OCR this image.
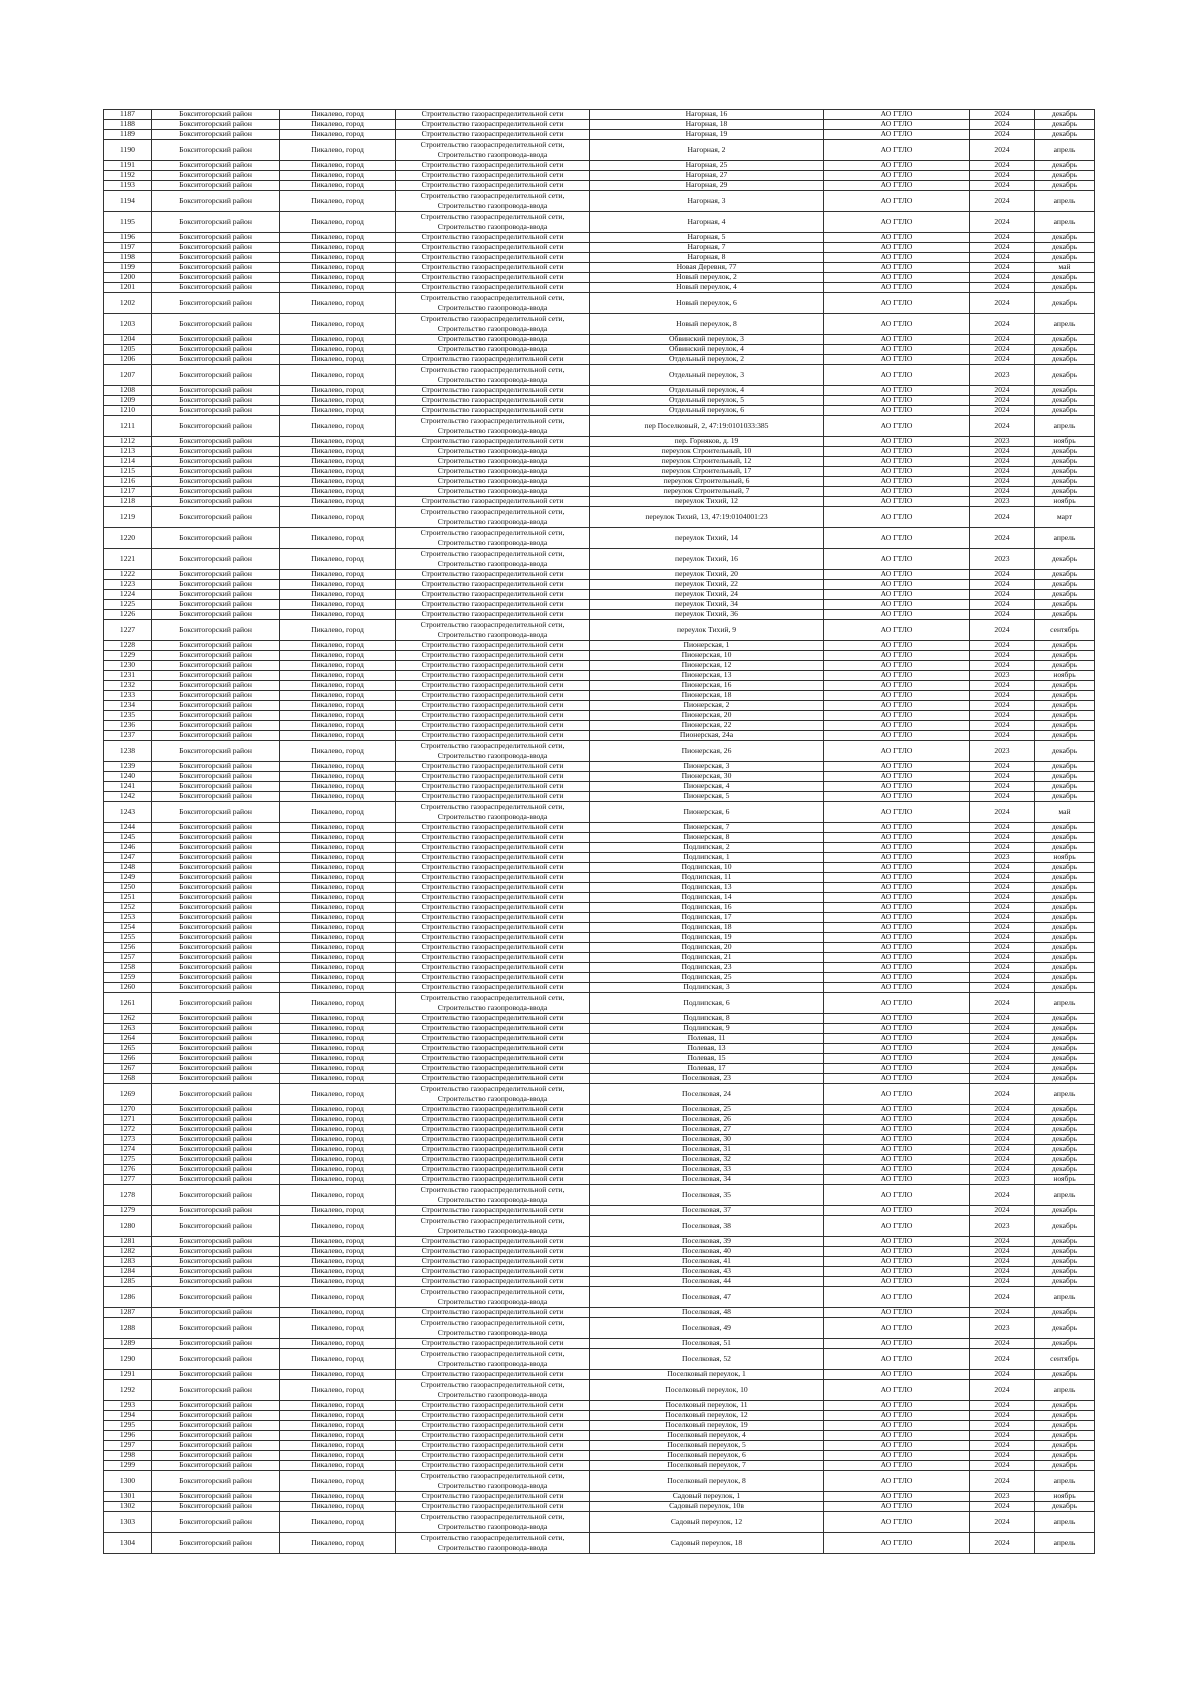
1187	Бокситогорский район	Пикалево, город	Строительство газораспределительной сети	Нагорная, 16	АО ГТЛО	2024	декабрь
1188	Бокситогорский район	Пикалево, город	Строительство газораспределительной сети	Нагорная, 18	АО ГТЛО	2024	декабрь
1189	Бокситогорский район	Пикалево, город	Строительство газораспределительной сети	Нагорная, 19	АО ГТЛО	2024	декабрь
1190	Бокситогорский район	Пикалево, город	Строительство газораспределительной сети, Строительство газопровода-ввода	Нагорная, 2	АО ГТЛО	2024	апрель
1191	Бокситогорский район	Пикалево, город	Строительство газораспределительной сети	Нагорная, 25	АО ГТЛО	2024	декабрь
1192	Бокситогорский район	Пикалево, город	Строительство газораспределительной сети	Нагорная, 27	АО ГТЛО	2024	декабрь
1193	Бокситогорский район	Пикалево, город	Строительство газораспределительной сети	Нагорная, 29	АО ГТЛО	2024	декабрь
1194	Бокситогорский район	Пикалево, город	Строительство газораспределительной сети, Строительство газопровода-ввода	Нагорная, 3	АО ГТЛО	2024	апрель
1195	Бокситогорский район	Пикалево, город	Строительство газораспределительной сети, Строительство газопровода-ввода	Нагорная, 4	АО ГТЛО	2024	апрель
1196	Бокситогорский район	Пикалево, город	Строительство газораспределительной сети	Нагорная, 5	АО ГТЛО	2024	декабрь
1197	Бокситогорский район	Пикалево, город	Строительство газораспределительной сети	Нагорная, 7	АО ГТЛО	2024	декабрь
1198	Бокситогорский район	Пикалево, город	Строительство газораспределительной сети	Нагорная, 8	АО ГТЛО	2024	декабрь
1199	Бокситогорский район	Пикалево, город	Строительство газораспределительной сети	Новая Деревня, 77	АО ГТЛО	2024	май
1200	Бокситогорский район	Пикалево, город	Строительство газораспределительной сети	Новый переулок, 2	АО ГТЛО	2024	декабрь
1201	Бокситогорский район	Пикалево, город	Строительство газораспределительной сети	Новый переулок, 4	АО ГТЛО	2024	декабрь
1202	Бокситогорский район	Пикалево, город	Строительство газораспределительной сети, Строительство газопровода-ввода	Новый переулок, 6	АО ГТЛО	2024	декабрь
1203	Бокситогорский район	Пикалево, город	Строительство газораспределительной сети, Строительство газопровода-ввода	Новый переулок, 8	АО ГТЛО	2024	апрель
1204	Бокситогорский район	Пикалево, город	Строительство газопровода-ввода	Обвинский переулок, 3	АО ГТЛО	2024	декабрь
1205	Бокситогорский район	Пикалево, город	Строительство газопровода-ввода	Обвинский переулок, 4	АО ГТЛО	2024	декабрь
1206	Бокситогорский район	Пикалево, город	Строительство газораспределительной сети	Отдельный переулок, 2	АО ГТЛО	2024	декабрь
1207	Бокситогорский район	Пикалево, город	Строительство газораспределительной сети, Строительство газопровода-ввода	Отдельный переулок, 3	АО ГТЛО	2023	декабрь
1208	Бокситогорский район	Пикалево, город	Строительство газораспределительной сети	Отдельный переулок, 4	АО ГТЛО	2024	декабрь
1209	Бокситогорский район	Пикалево, город	Строительство газораспределительной сети	Отдельный переулок, 5	АО ГТЛО	2024	декабрь
1210	Бокситогорский район	Пикалево, город	Строительство газораспределительной сети	Отдельный переулок, 6	АО ГТЛО	2024	декабрь
1211	Бокситогорский район	Пикалево, город	Строительство газораспределительной сети, Строительство газопровода-ввода	пер Поселковый, 2, 47:19:0101033:385	АО ГТЛО	2024	апрель
1212	Бокситогорский район	Пикалево, город	Строительство газораспределительной сети	пер. Горняков, д. 19	АО ГТЛО	2023	ноябрь
1213	Бокситогорский район	Пикалево, город	Строительство газопровода-ввода	переулок Строительный, 10	АО ГТЛО	2024	декабрь
1214	Бокситогорский район	Пикалево, город	Строительство газопровода-ввода	переулок Строительный, 12	АО ГТЛО	2024	декабрь
1215	Бокситогорский район	Пикалево, город	Строительство газопровода-ввода	переулок Строительный, 17	АО ГТЛО	2024	декабрь
1216	Бокситогорский район	Пикалево, город	Строительство газопровода-ввода	переулок Строительный, 6	АО ГТЛО	2024	декабрь
1217	Бокситогорский район	Пикалево, город	Строительство газопровода-ввода	переулок Строительный, 7	АО ГТЛО	2024	декабрь
1218	Бокситогорский район	Пикалево, город	Строительство газораспределительной сети	переулок Тихий, 12	АО ГТЛО	2023	ноябрь
1219	Бокситогорский район	Пикалево, город	Строительство газораспределительной сети, Строительство газопровода-ввода	переулок Тихий, 13, 47:19:0104001:23	АО ГТЛО	2024	март
1220	Бокситогорский район	Пикалево, город	Строительство газораспределительной сети, Строительство газопровода-ввода	переулок Тихий, 14	АО ГТЛО	2024	апрель
1221	Бокситогорский район	Пикалево, город	Строительство газораспределительной сети, Строительство газопровода-ввода	переулок Тихий, 16	АО ГТЛО	2023	декабрь
1222	Бокситогорский район	Пикалево, город	Строительство газораспределительной сети	переулок Тихий, 20	АО ГТЛО	2024	декабрь
1223	Бокситогорский район	Пикалево, город	Строительство газораспределительной сети	переулок Тихий, 22	АО ГТЛО	2024	декабрь
1224	Бокситогорский район	Пикалево, город	Строительство газораспределительной сети	переулок Тихий, 24	АО ГТЛО	2024	декабрь
1225	Бокситогорский район	Пикалево, город	Строительство газораспределительной сети	переулок Тихий, 34	АО ГТЛО	2024	декабрь
1226	Бокситогорский район	Пикалево, город	Строительство газораспределительной сети	переулок Тихий, 36	АО ГТЛО	2024	декабрь
1227	Бокситогорский район	Пикалево, город	Строительство газораспределительной сети, Строительство газопровода-ввода	переулок Тихий, 9	АО ГТЛО	2024	сентябрь
1228	Бокситогорский район	Пикалево, город	Строительство газораспределительной сети	Пионерская, 1	АО ГТЛО	2024	декабрь
1229	Бокситогорский район	Пикалево, город	Строительство газораспределительной сети	Пионерская, 10	АО ГТЛО	2024	декабрь
1230	Бокситогорский район	Пикалево, город	Строительство газораспределительной сети	Пионерская, 12	АО ГТЛО	2024	декабрь
1231	Бокситогорский район	Пикалево, город	Строительство газораспределительной сети	Пионерская, 13	АО ГТЛО	2023	ноябрь
1232	Бокситогорский район	Пикалево, город	Строительство газораспределительной сети	Пионерская, 16	АО ГТЛО	2024	декабрь
1233	Бокситогорский район	Пикалево, город	Строительство газораспределительной сети	Пионерская, 18	АО ГТЛО	2024	декабрь
1234	Бокситогорский район	Пикалево, город	Строительство газораспределительной сети	Пионерская, 2	АО ГТЛО	2024	декабрь
1235	Бокситогорский район	Пикалево, город	Строительство газораспределительной сети	Пионерская, 20	АО ГТЛО	2024	декабрь
1236	Бокситогорский район	Пикалево, город	Строительство газораспределительной сети	Пионерская, 22	АО ГТЛО	2024	декабрь
1237	Бокситогорский район	Пикалево, город	Строительство газораспределительной сети	Пионерская, 24а	АО ГТЛО	2024	декабрь
1238	Бокситогорский район	Пикалево, город	Строительство газораспределительной сети, Строительство газопровода-ввода	Пионерская, 26	АО ГТЛО	2023	декабрь
1239	Бокситогорский район	Пикалево, город	Строительство газораспределительной сети	Пионерская, 3	АО ГТЛО	2024	декабрь
1240	Бокситогорский район	Пикалево, город	Строительство газораспределительной сети	Пионерская, 30	АО ГТЛО	2024	декабрь
1241	Бокситогорский район	Пикалево, город	Строительство газораспределительной сети	Пионерская, 4	АО ГТЛО	2024	декабрь
1242	Бокситогорский район	Пикалево, город	Строительство газораспределительной сети	Пионерская, 5	АО ГТЛО	2024	декабрь
1243	Бокситогорский район	Пикалево, город	Строительство газораспределительной сети, Строительство газопровода-ввода	Пионерская, 6	АО ГТЛО	2024	май
1244	Бокситогорский район	Пикалево, город	Строительство газораспределительной сети	Пионерская, 7	АО ГТЛО	2024	декабрь
1245	Бокситогорский район	Пикалево, город	Строительство газораспределительной сети	Пионерская, 8	АО ГТЛО	2024	декабрь
1246	Бокситогорский район	Пикалево, город	Строительство газораспределительной сети	Подлипская, 2	АО ГТЛО	2024	декабрь
1247	Бокситогорский район	Пикалево, город	Строительство газораспределительной сети	Подлипская, 1	АО ГТЛО	2023	ноябрь
1248	Бокситогорский район	Пикалево, город	Строительство газораспределительной сети	Подлипская, 10	АО ГТЛО	2024	декабрь
1249	Бокситогорский район	Пикалево, город	Строительство газораспределительной сети	Подлипская, 11	АО ГТЛО	2024	декабрь
1250	Бокситогорский район	Пикалево, город	Строительство газораспределительной сети	Подлипская, 13	АО ГТЛО	2024	декабрь
1251	Бокситогорский район	Пикалево, город	Строительство газораспределительной сети	Подлипская, 14	АО ГТЛО	2024	декабрь
1252	Бокситогорский район	Пикалево, город	Строительство газораспределительной сети	Подлипская, 16	АО ГТЛО	2024	декабрь
1253	Бокситогорский район	Пикалево, город	Строительство газораспределительной сети	Подлипская, 17	АО ГТЛО	2024	декабрь
1254	Бокситогорский район	Пикалево, город	Строительство газораспределительной сети	Подлипская, 18	АО ГТЛО	2024	декабрь
1255	Бокситогорский район	Пикалево, город	Строительство газораспределительной сети	Подлипская, 19	АО ГТЛО	2024	декабрь
1256	Бокситогорский район	Пикалево, город	Строительство газораспределительной сети	Подлипская, 20	АО ГТЛО	2024	декабрь
1257	Бокситогорский район	Пикалево, город	Строительство газораспределительной сети	Подлипская, 21	АО ГТЛО	2024	декабрь
1258	Бокситогорский район	Пикалево, город	Строительство газораспределительной сети	Подлипская, 23	АО ГТЛО	2024	декабрь
1259	Бокситогорский район	Пикалево, город	Строительство газораспределительной сети	Подлипская, 25	АО ГТЛО	2024	декабрь
1260	Бокситогорский район	Пикалево, город	Строительство газораспределительной сети	Подлипская, 3	АО ГТЛО	2024	декабрь
1261	Бокситогорский район	Пикалево, город	Строительство газораспределительной сети, Строительство газопровода-ввода	Подлипская, 6	АО ГТЛО	2024	апрель
1262	Бокситогорский район	Пикалево, город	Строительство газораспределительной сети	Подлипская, 8	АО ГТЛО	2024	декабрь
1263	Бокситогорский район	Пикалево, город	Строительство газораспределительной сети	Подлипская, 9	АО ГТЛО	2024	декабрь
1264	Бокситогорский район	Пикалево, город	Строительство газораспределительной сети	Полевая, 11	АО ГТЛО	2024	декабрь
1265	Бокситогорский район	Пикалево, город	Строительство газораспределительной сети	Полевая, 13	АО ГТЛО	2024	декабрь
1266	Бокситогорский район	Пикалево, город	Строительство газораспределительной сети	Полевая, 15	АО ГТЛО	2024	декабрь
1267	Бокситогорский район	Пикалево, город	Строительство газораспределительной сети	Полевая, 17	АО ГТЛО	2024	декабрь
1268	Бокситогорский район	Пикалево, город	Строительство газораспределительной сети	Поселковая, 23	АО ГТЛО	2024	декабрь
1269	Бокситогорский район	Пикалево, город	Строительство газораспределительной сети, Строительство газопровода-ввода	Поселковая, 24	АО ГТЛО	2024	апрель
1270	Бокситогорский район	Пикалево, город	Строительство газораспределительной сети	Поселковая, 25	АО ГТЛО	2024	декабрь
1271	Бокситогорский район	Пикалево, город	Строительство газораспределительной сети	Поселковая, 26	АО ГТЛО	2024	декабрь
1272	Бокситогорский район	Пикалево, город	Строительство газораспределительной сети	Поселковая, 27	АО ГТЛО	2024	декабрь
1273	Бокситогорский район	Пикалево, город	Строительство газораспределительной сети	Поселковая, 30	АО ГТЛО	2024	декабрь
1274	Бокситогорский район	Пикалево, город	Строительство газораспределительной сети	Поселковая, 31	АО ГТЛО	2024	декабрь
1275	Бокситогорский район	Пикалево, город	Строительство газораспределительной сети	Поселковая, 32	АО ГТЛО	2024	декабрь
1276	Бокситогорский район	Пикалево, город	Строительство газораспределительной сети	Поселковая, 33	АО ГТЛО	2024	декабрь
1277	Бокситогорский район	Пикалево, город	Строительство газораспределительной сети	Поселковая, 34	АО ГТЛО	2023	ноябрь
1278	Бокситогорский район	Пикалево, город	Строительство газораспределительной сети, Строительство газопровода-ввода	Поселковая, 35	АО ГТЛО	2024	апрель
1279	Бокситогорский район	Пикалево, город	Строительство газораспределительной сети	Поселковая, 37	АО ГТЛО	2024	декабрь
1280	Бокситогорский район	Пикалево, город	Строительство газораспределительной сети, Строительство газопровода-ввода	Поселковая, 38	АО ГТЛО	2023	декабрь
1281	Бокситогорский район	Пикалево, город	Строительство газораспределительной сети	Поселковая, 39	АО ГТЛО	2024	декабрь
1282	Бокситогорский район	Пикалево, город	Строительство газораспределительной сети	Поселковая, 40	АО ГТЛО	2024	декабрь
1283	Бокситогорский район	Пикалево, город	Строительство газораспределительной сети	Поселковая, 41	АО ГТЛО	2024	декабрь
1284	Бокситогорский район	Пикалево, город	Строительство газораспределительной сети	Поселковая, 43	АО ГТЛО	2024	декабрь
1285	Бокситогорский район	Пикалево, город	Строительство газораспределительной сети	Поселковая, 44	АО ГТЛО	2024	декабрь
1286	Бокситогорский район	Пикалево, город	Строительство газораспределительной сети, Строительство газопровода-ввода	Поселковая, 47	АО ГТЛО	2024	апрель
1287	Бокситогорский район	Пикалево, город	Строительство газораспределительной сети	Поселковая, 48	АО ГТЛО	2024	декабрь
1288	Бокситогорский район	Пикалево, город	Строительство газораспределительной сети, Строительство газопровода-ввода	Поселковая, 49	АО ГТЛО	2023	декабрь
1289	Бокситогорский район	Пикалево, город	Строительство газораспределительной сети	Поселковая, 51	АО ГТЛО	2024	декабрь
1290	Бокситогорский район	Пикалево, город	Строительство газораспределительной сети, Строительство газопровода-ввода	Поселковая, 52	АО ГТЛО	2024	сентябрь
1291	Бокситогорский район	Пикалево, город	Строительство газораспределительной сети	Поселковый переулок, 1	АО ГТЛО	2024	декабрь
1292	Бокситогорский район	Пикалево, город	Строительство газораспределительной сети, Строительство газопровода-ввода	Поселковый переулок, 10	АО ГТЛО	2024	апрель
1293	Бокситогорский район	Пикалево, город	Строительство газораспределительной сети	Поселковый переулок, 11	АО ГТЛО	2024	декабрь
1294	Бокситогорский район	Пикалево, город	Строительство газораспределительной сети	Поселковый переулок, 12	АО ГТЛО	2024	декабрь
1295	Бокситогорский район	Пикалево, город	Строительство газораспределительной сети	Поселковый переулок, 19	АО ГТЛО	2024	декабрь
1296	Бокситогорский район	Пикалево, город	Строительство газораспределительной сети	Поселковый переулок, 4	АО ГТЛО	2024	декабрь
1297	Бокситогорский район	Пикалево, город	Строительство газораспределительной сети	Поселковый переулок, 5	АО ГТЛО	2024	декабрь
1298	Бокситогорский район	Пикалево, город	Строительство газораспределительной сети	Поселковый переулок, 6	АО ГТЛО	2024	декабрь
1299	Бокситогорский район	Пикалево, город	Строительство газораспределительной сети	Поселковый переулок, 7	АО ГТЛО	2024	декабрь
1300	Бокситогорский район	Пикалево, город	Строительство газораспределительной сети, Строительство газопровода-ввода	Поселковый переулок, 8	АО ГТЛО	2024	апрель
1301	Бокситогорский район	Пикалево, город	Строительство газораспределительной сети	Садовый переулок, 1	АО ГТЛО	2023	ноябрь
1302	Бокситогорский район	Пикалево, город	Строительство газораспределительной сети	Садовый переулок, 10в	АО ГТЛО	2024	декабрь
1303	Бокситогорский район	Пикалево, город	Строительство газораспределительной сети, Строительство газопровода-ввода	Садовый переулок, 12	АО ГТЛО	2024	апрель
1304	Бокситогорский район	Пикалево, город	Строительство газораспределительной сети, Строительство газопровода-ввода	Садовый переулок, 18	АО ГТЛО	2024	апрель
